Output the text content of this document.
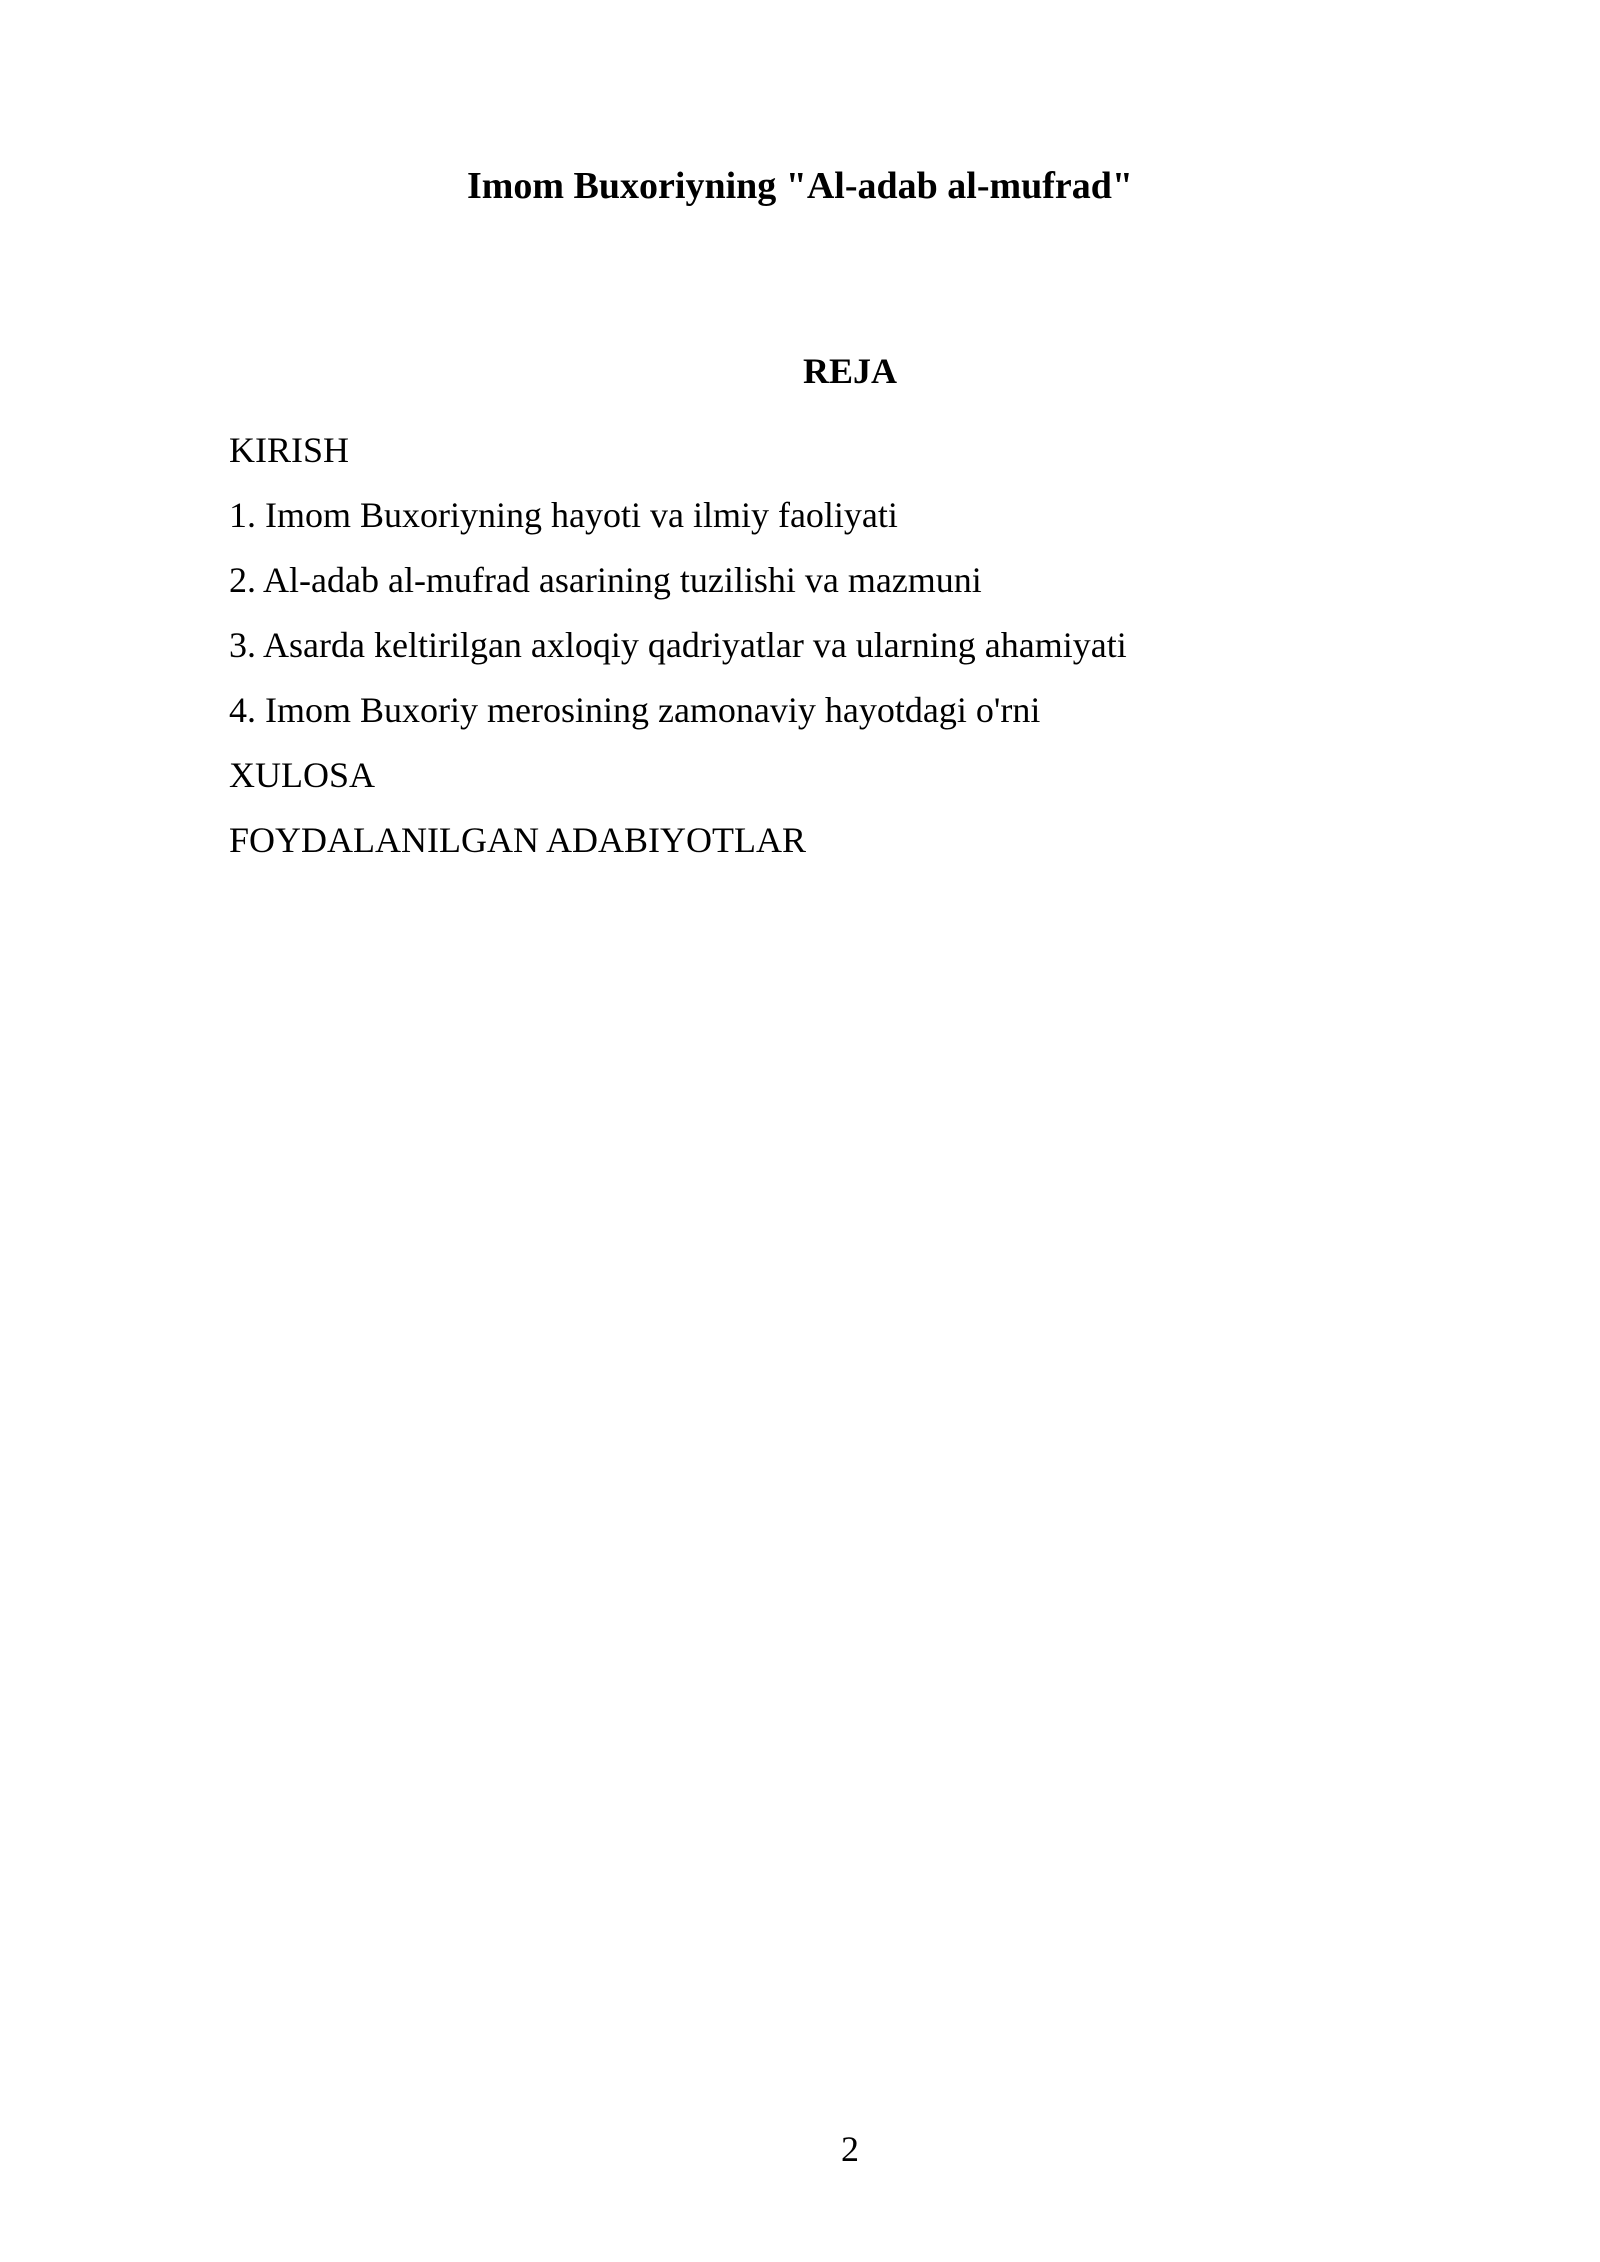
Imom Buxoriyning "Al-adab al-mufrad"
REJA
KIRISH
1. Imom Buxoriyning hayoti va ilmiy faoliyati
2. Al-adab al-mufrad asarining tuzilishi va mazmuni
3. Asarda keltirilgan axloqiy qadriyatlar va ularning ahamiyati
4. Imom Buxoriy merosining zamonaviy hayotdagi o'rni
XULOSA
FOYDALANILGAN ADABIYOTLAR
2
